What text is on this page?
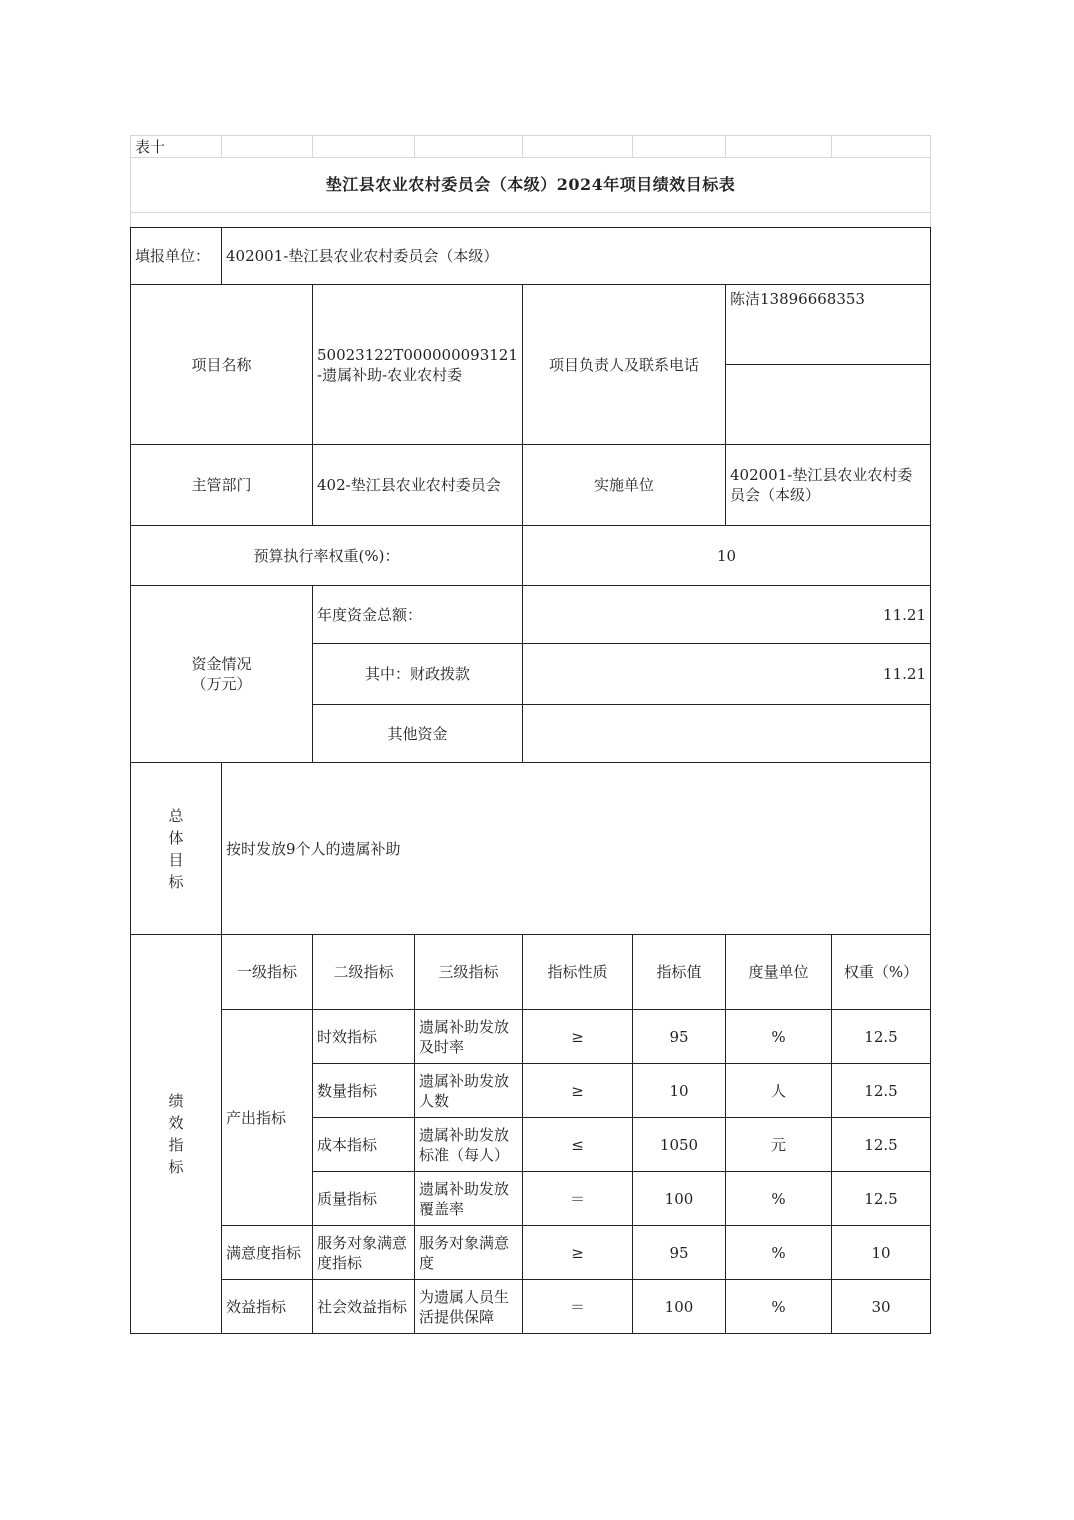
表十							
垫江县农业农村委员会（本级）2024年项目绩效目标表							

填报单位：	402001-垫江县农业农村委员会（本级）						
项目名称		50023122T000000093121-遗属补助-农业农村委		项目负责人及联系电话		陈洁13896668353	

主管部门		402-垫江县农业农村委员会		实施单位		402001-垫江县农业农村委员会（本级）	
预算执行率权重(%)：				10			

资金情况
（万元）		年度资金总额：		11.21			
		其中：财政拨款		11.21			
		其他资金					

总
体
目
标	按时发放9个人的遗属补助						

绩
效
指
标	一级指标	二级指标	三级指标	指标性质	指标值	度量单位	权重（%）
	产出指标	时效指标	遗属补助发放及时率	≥	95	%	12.5
		数量指标	遗属补助发放人数	≥	10	人	12.5
		成本指标	遗属补助发放标准（每人）	≤	1050	元	12.5
		质量指标	遗属补助发放覆盖率	＝	100	%	12.5
	满意度指标	服务对象满意度指标	服务对象满意度	≥	95	%	10
	效益指标	社会效益指标	为遗属人员生活提供保障	＝	100	%	30
